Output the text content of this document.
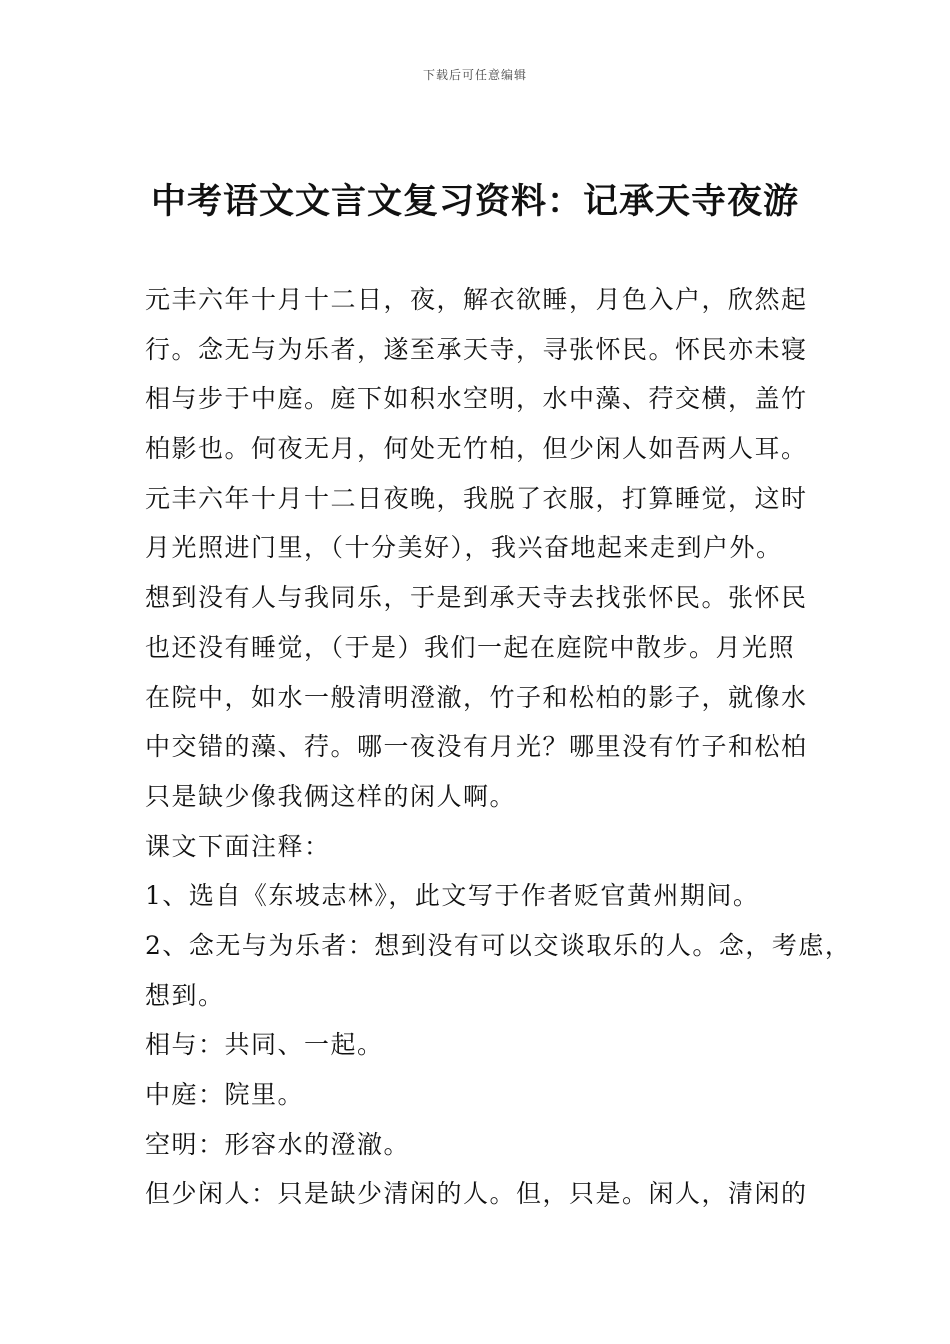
下载后可任意编辑
中考语文文言文复习资料：记承天寺夜游
元丰六年十月十二日，夜，解衣欲睡，月色入户，欣然起
行。念无与为乐者，遂至承天寺，寻张怀民。怀民亦未寝
相与步于中庭。庭下如积水空明，水中藻、荇交横，盖竹
柏影也。何夜无月，何处无竹柏，但少闲人如吾两人耳。
元丰六年十月十二日夜晚，我脱了衣服，打算睡觉，这时
月光照进门里，（十分美好），我兴奋地起来走到户外。
想到没有人与我同乐，于是到承天寺去找张怀民。张怀民
也还没有睡觉，（于是）我们一起在庭院中散步。月光照
在院中，如水一般清明澄澈，竹子和松柏的影子，就像水
中交错的藻、荇。哪一夜没有月光？哪里没有竹子和松柏
只是缺少像我俩这样的闲人啊。
课文下面注释：
1、选自《东坡志林》，此文写于作者贬官黄州期间。
2、念无与为乐者：想到没有可以交谈取乐的人。念，考虑，
想到。
相与：共同、一起。
中庭：院里。
空明：形容水的澄澈。
但少闲人：只是缺少清闲的人。但，只是。闲人，清闲的
